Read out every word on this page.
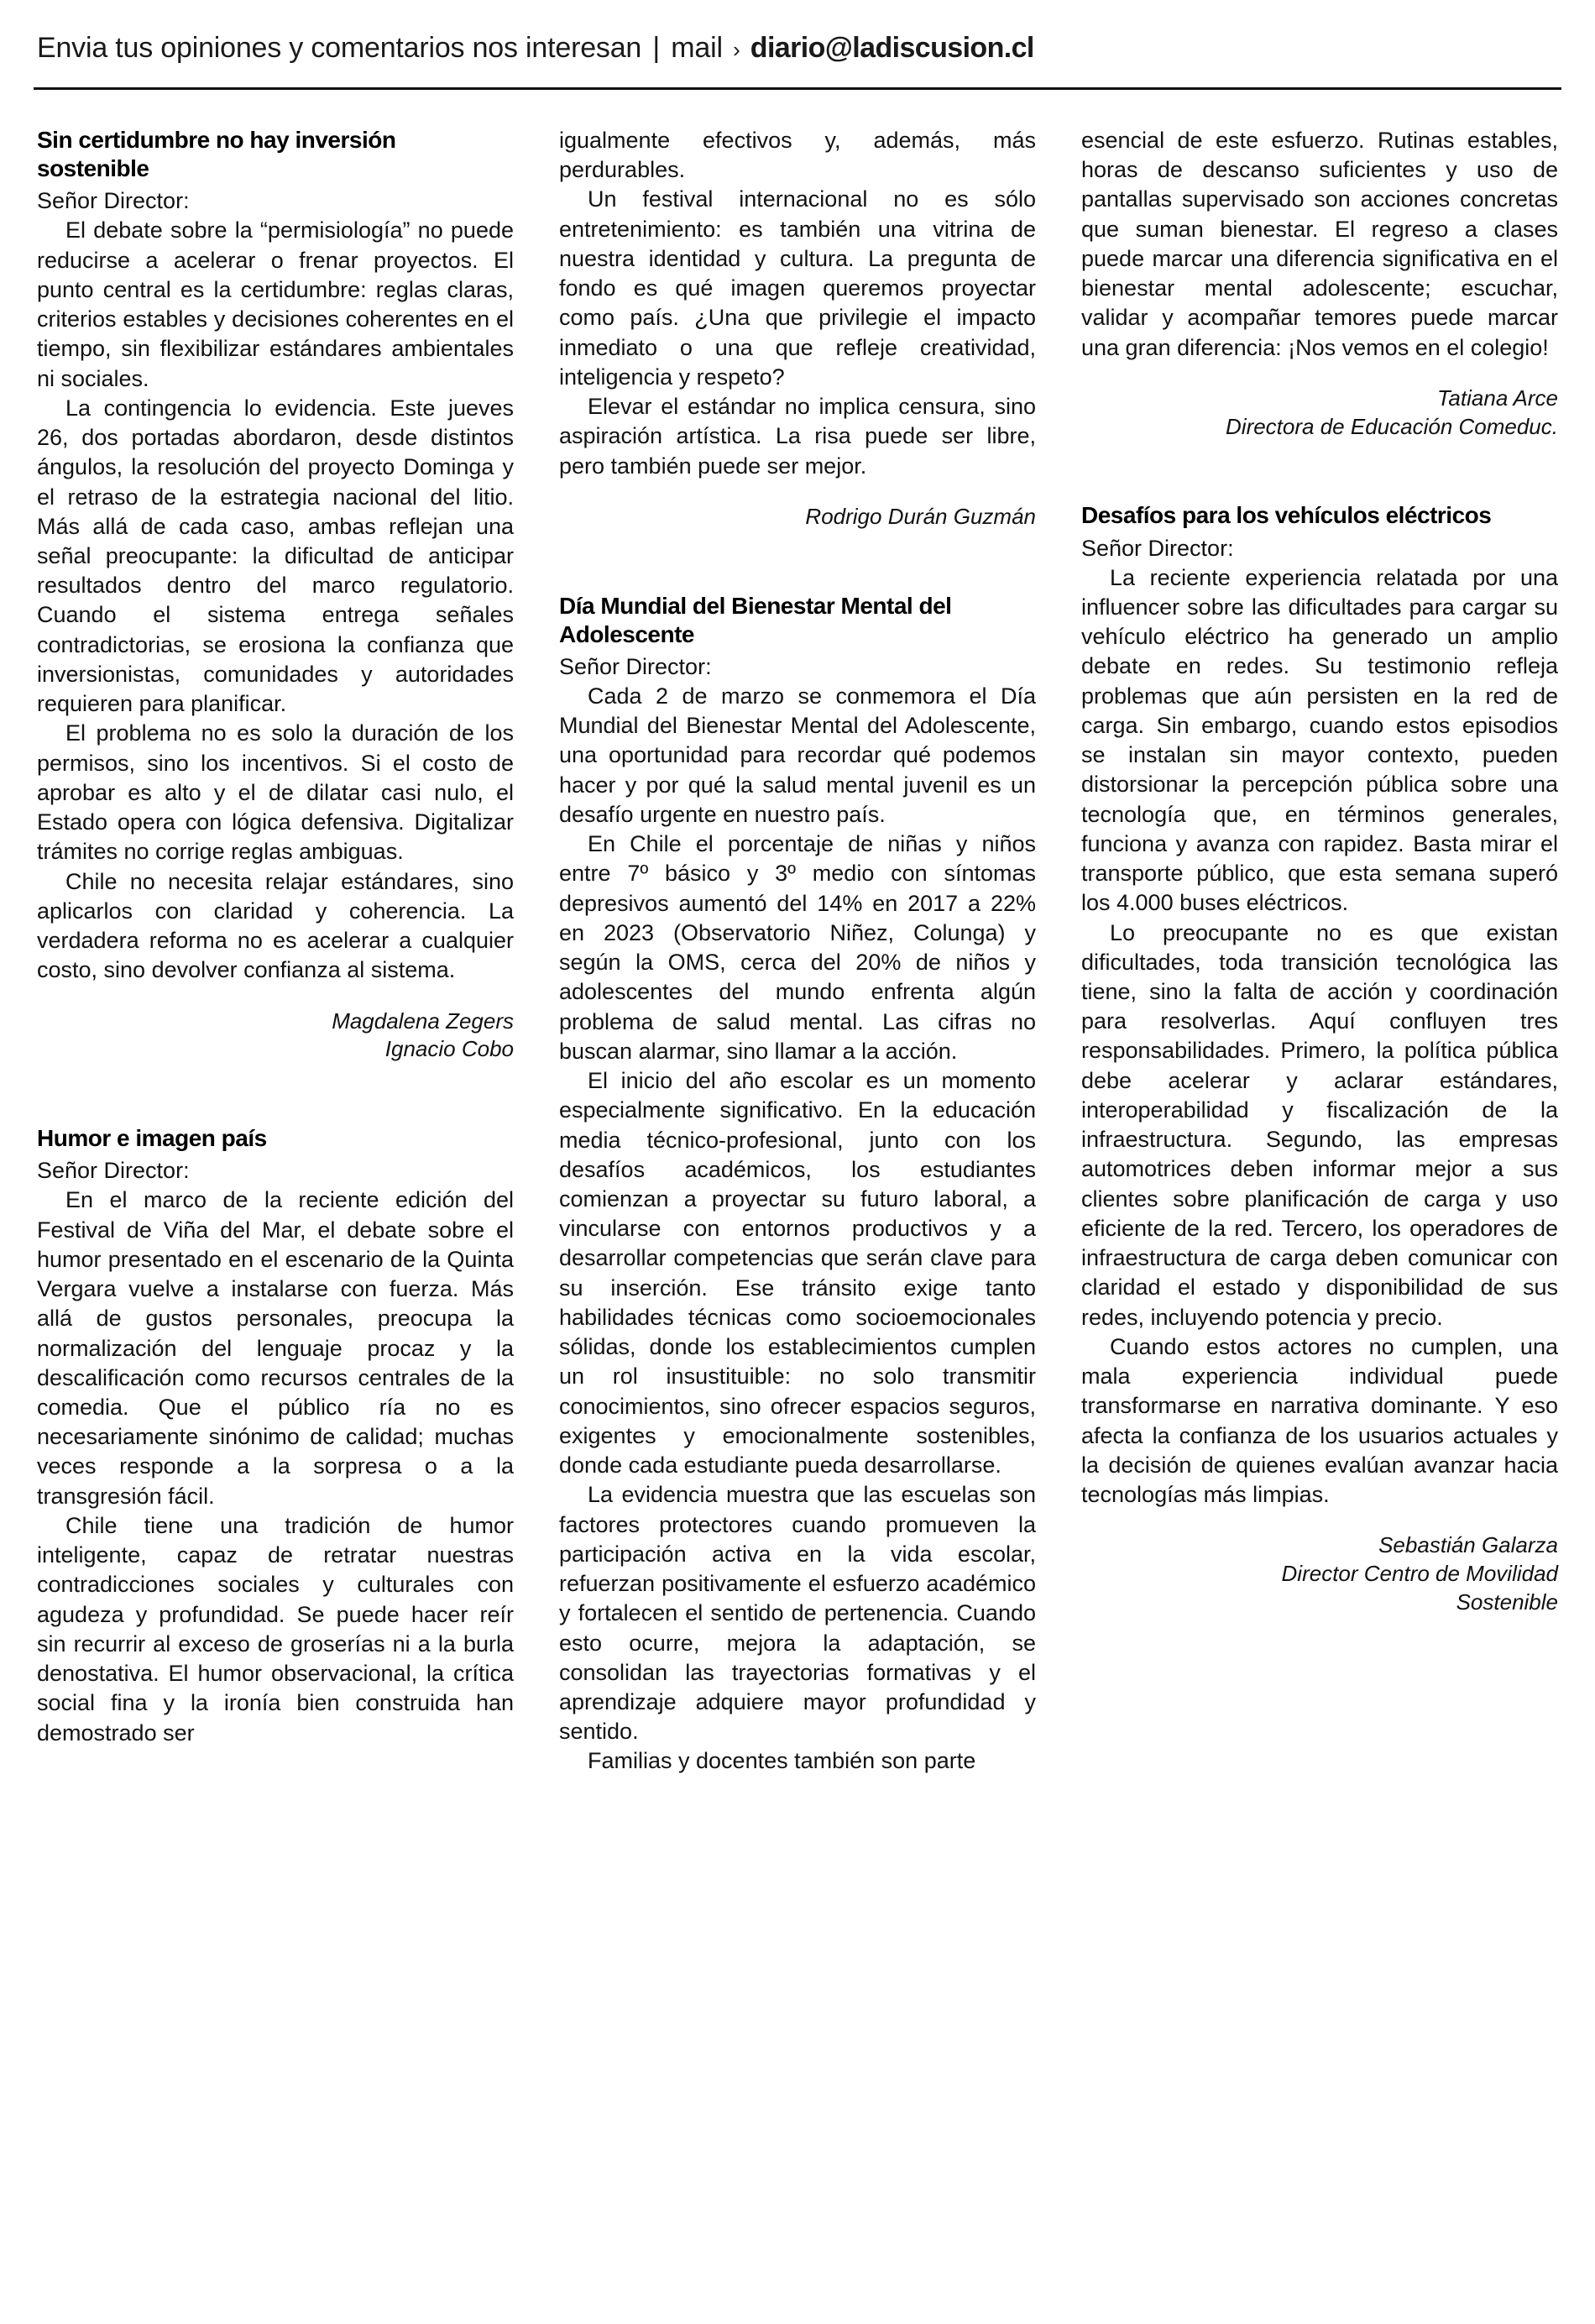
Envia tus opiniones y comentarios nos interesan | mail › diario@ladiscusion.cl
Sin certidumbre no hay inversión sostenible
Señor Director:

El debate sobre la “permisiología” no puede reducirse a acelerar o frenar proyectos. El punto central es la certidumbre: reglas claras, criterios estables y decisiones coherentes en el tiempo, sin flexibilizar estándares ambientales ni sociales.

La contingencia lo evidencia. Este jueves 26, dos portadas abordaron, desde distintos ángulos, la resolución del proyecto Dominga y el retraso de la estrategia nacional del litio. Más allá de cada caso, ambas reflejan una señal preocupante: la dificultad de anticipar resultados dentro del marco regulatorio. Cuando el sistema entrega señales contradictorias, se erosiona la confianza que inversionistas, comunidades y autoridades requieren para planificar.

El problema no es solo la duración de los permisos, sino los incentivos. Si el costo de aprobar es alto y el de dilatar casi nulo, el Estado opera con lógica defensiva. Digitalizar trámites no corrige reglas ambiguas.

Chile no necesita relajar estándares, sino aplicarlos con claridad y coherencia. La verdadera reforma no es acelerar a cualquier costo, sino devolver confianza al sistema.

Magdalena Zegers
Ignacio Cobo
Humor e imagen país
Señor Director:

En el marco de la reciente edición del Festival de Viña del Mar, el debate sobre el humor presentado en el escenario de la Quinta Vergara vuelve a instalarse con fuerza. Más allá de gustos personales, preocupa la normalización del lenguaje procaz y la descalificación como recursos centrales de la comedia. Que el público ría no es necesariamente sinónimo de calidad; muchas veces responde a la sorpresa o a la transgresión fácil.

Chile tiene una tradición de humor inteligente, capaz de retratar nuestras contradicciones sociales y culturales con agudeza y profundidad. Se puede hacer reír sin recurrir al exceso de groserías ni a la burla denostativa. El humor observacional, la crítica social fina y la ironía bien construida han demostrado ser

igualmente efectivos y, además, más perdurables.

Un festival internacional no es sólo entretenimiento: es también una vitrina de nuestra identidad y cultura. La pregunta de fondo es qué imagen queremos proyectar como país. ¿Una que privilegie el impacto inmediato o una que refleje creatividad, inteligencia y respeto?

Elevar el estándar no implica censura, sino aspiración artística. La risa puede ser libre, pero también puede ser mejor.

Rodrigo Durán Guzmán
Día Mundial del Bienestar Mental del Adolescente
Señor Director:

Cada 2 de marzo se conmemora el Día Mundial del Bienestar Mental del Adolescente, una oportunidad para recordar qué podemos hacer y por qué la salud mental juvenil es un desafío urgente en nuestro país.

En Chile el porcentaje de niñas y niños entre 7º básico y 3º medio con síntomas depresivos aumentó del 14% en 2017 a 22% en 2023 (Observatorio Niñez, Colunga) y según la OMS, cerca del 20% de niños y adolescentes del mundo enfrenta algún problema de salud mental. Las cifras no buscan alarmar, sino llamar a la acción.

El inicio del año escolar es un momento especialmente significativo. En la educación media técnico-profesional, junto con los desafíos académicos, los estudiantes comienzan a proyectar su futuro laboral, a vincularse con entornos productivos y a desarrollar competencias que serán clave para su inserción. Ese tránsito exige tanto habilidades técnicas como socioemocionales sólidas, donde los establecimientos cumplen un rol insustituible: no solo transmitir conocimientos, sino ofrecer espacios seguros, exigentes y emocionalmente sostenibles, donde cada estudiante pueda desarrollarse.

La evidencia muestra que las escuelas son factores protectores cuando promueven la participación activa en la vida escolar, refuerzan positivamente el esfuerzo académico y fortalecen el sentido de pertenencia. Cuando esto ocurre, mejora la adaptación, se consolidan las trayectorias formativas y el aprendizaje adquiere mayor profundidad y sentido.

Familias y docentes también son parte

esencial de este esfuerzo. Rutinas estables, horas de descanso suficientes y uso de pantallas supervisado son acciones concretas que suman bienestar. El regreso a clases puede marcar una diferencia significativa en el bienestar mental adolescente; escuchar, validar y acompañar temores puede marcar una gran diferencia: ¡Nos vemos en el colegio!

Tatiana Arce
Directora de Educación Comeduc.
Desafíos para los vehículos eléctricos
Señor Director:

La reciente experiencia relatada por una influencer sobre las dificultades para cargar su vehículo eléctrico ha generado un amplio debate en redes. Su testimonio refleja problemas que aún persisten en la red de carga. Sin embargo, cuando estos episodios se instalan sin mayor contexto, pueden distorsionar la percepción pública sobre una tecnología que, en términos generales, funciona y avanza con rapidez. Basta mirar el transporte público, que esta semana superó los 4.000 buses eléctricos.

Lo preocupante no es que existan dificultades, toda transición tecnológica las tiene, sino la falta de acción y coordinación para resolverlas. Aquí confluyen tres responsabilidades. Primero, la política pública debe acelerar y aclarar estándares, interoperabilidad y fiscalización de la infraestructura. Segundo, las empresas automotrices deben informar mejor a sus clientes sobre planificación de carga y uso eficiente de la red. Tercero, los operadores de infraestructura de carga deben comunicar con claridad el estado y disponibilidad de sus redes, incluyendo potencia y precio.

Cuando estos actores no cumplen, una mala experiencia individual puede transformarse en narrativa dominante. Y eso afecta la confianza de los usuarios actuales y la decisión de quienes evalúan avanzar hacia tecnologías más limpias.

Sebastián Galarza
Director Centro de Movilidad
Sostenible
